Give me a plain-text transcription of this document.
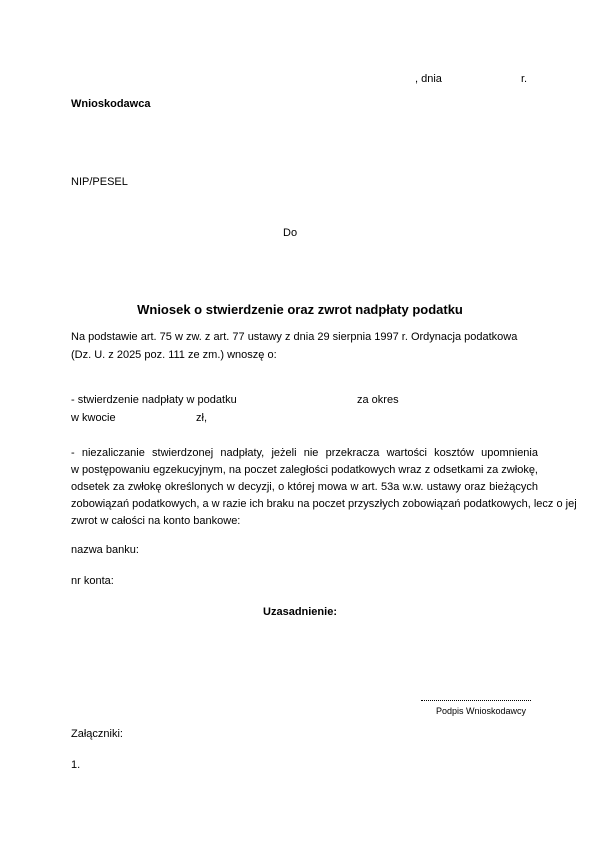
, dnia	r.
Wnioskodawca
NIP/PESEL
Do
Wniosek o stwierdzenie oraz zwrot nadpłaty podatku
Na podstawie art. 75 w zw. z art. 77 ustawy z dnia 29 sierpnia 1997 r. Ordynacja podatkowa
(Dz. U. z 2025 poz. 111 ze zm.) wnoszę o:
- stwierdzenie nadpłaty w podatku	za okres
w kwocie	zł,
- niezaliczanie stwierdzonej nadpłaty, jeżeli nie przekracza wartości kosztów upomnienia
w postępowaniu egzekucyjnym, na poczet zaległości podatkowych wraz z odsetkami za zwłokę,
odsetek za zwłokę określonych w decyzji, o której mowa w art. 53a w.w. ustawy oraz bieżących
zobowiązań podatkowych, a w razie ich braku na poczet przyszłych zobowiązań podatkowych, lecz o jej
zwrot w całości na konto bankowe:
nazwa banku:
nr konta:
Uzasadnienie:
Podpis Wnioskodawcy
Załączniki:
1.
